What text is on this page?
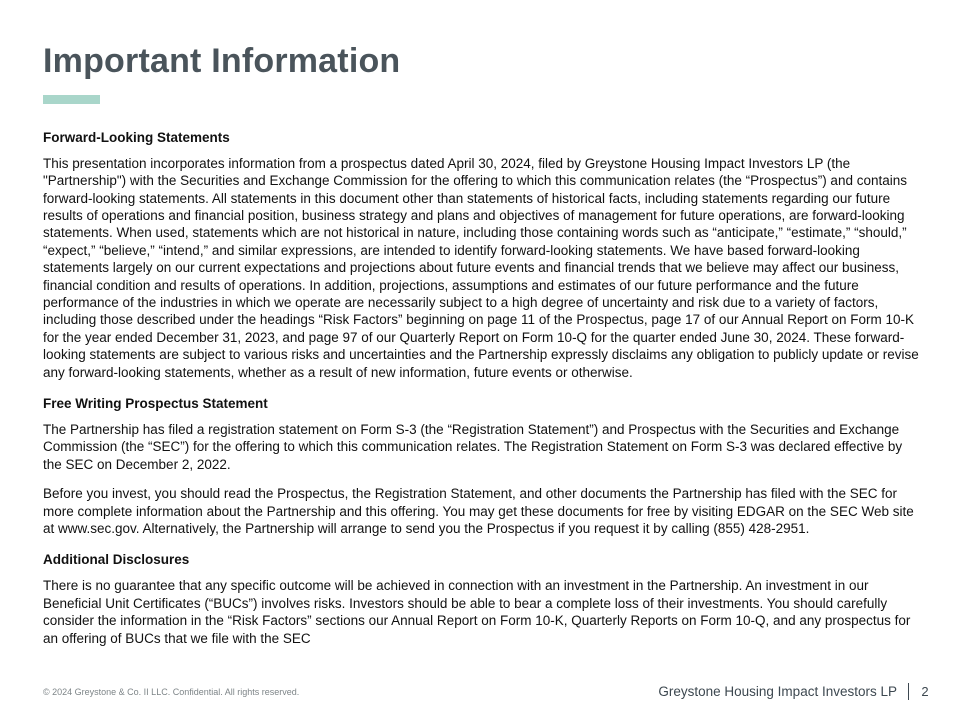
Important Information
Forward-Looking Statements

This presentation incorporates information from a prospectus dated April 30, 2024, filed by Greystone Housing Impact Investors LP (the "Partnership") with the Securities and Exchange Commission for the offering to which this communication relates (the “Prospectus”) and contains forward-looking statements. All statements in this document other than statements of historical facts, including statements regarding our future results of operations and financial position, business strategy and plans and objectives of management for future operations, are forward-looking statements. When used, statements which are not historical in nature, including those containing words such as “anticipate,” “estimate,” “should,” “expect,” “believe,” “intend,” and similar expressions, are intended to identify forward-looking statements. We have based forward-looking statements largely on our current expectations and projections about future events and financial trends that we believe may affect our business, financial condition and results of operations. In addition, projections, assumptions and estimates of our future performance and the future performance of the industries in which we operate are necessarily subject to a high degree of uncertainty and risk due to a variety of factors, including those described under the headings “Risk Factors” beginning on page 11 of the Prospectus, page 17 of our Annual Report on Form 10-K for the year ended December 31, 2023, and page 97 of our Quarterly Report on Form 10-Q for the quarter ended June 30, 2024. These forward-looking statements are subject to various risks and uncertainties and the Partnership expressly disclaims any obligation to publicly update or revise any forward-looking statements, whether as a result of new information, future events or otherwise.

Free Writing Prospectus Statement

The Partnership has filed a registration statement on Form S-3 (the “Registration Statement”) and Prospectus with the Securities and Exchange Commission (the “SEC”) for the offering to which this communication relates. The Registration Statement on Form S-3 was declared effective by the SEC on December 2, 2022.

Before you invest, you should read the Prospectus, the Registration Statement, and other documents the Partnership has filed with the SEC for more complete information about the Partnership and this offering. You may get these documents for free by visiting EDGAR on the SEC Web site at www.sec.gov. Alternatively, the Partnership will arrange to send you the Prospectus if you request it by calling (855) 428-2951.

Additional Disclosures

There is no guarantee that any specific outcome will be achieved in connection with an investment in the Partnership. An investment in our Beneficial Unit Certificates (“BUCs”) involves risks. Investors should be able to bear a complete loss of their investments. You should carefully consider the information in the “Risk Factors” sections our Annual Report on Form 10-K, Quarterly Reports on Form 10-Q, and any prospectus for an offering of BUCs that we file with the SEC

© 2024 Greystone & Co. II LLC. Confidential. All rights reserved.	Greystone Housing Impact Investors LP 2
